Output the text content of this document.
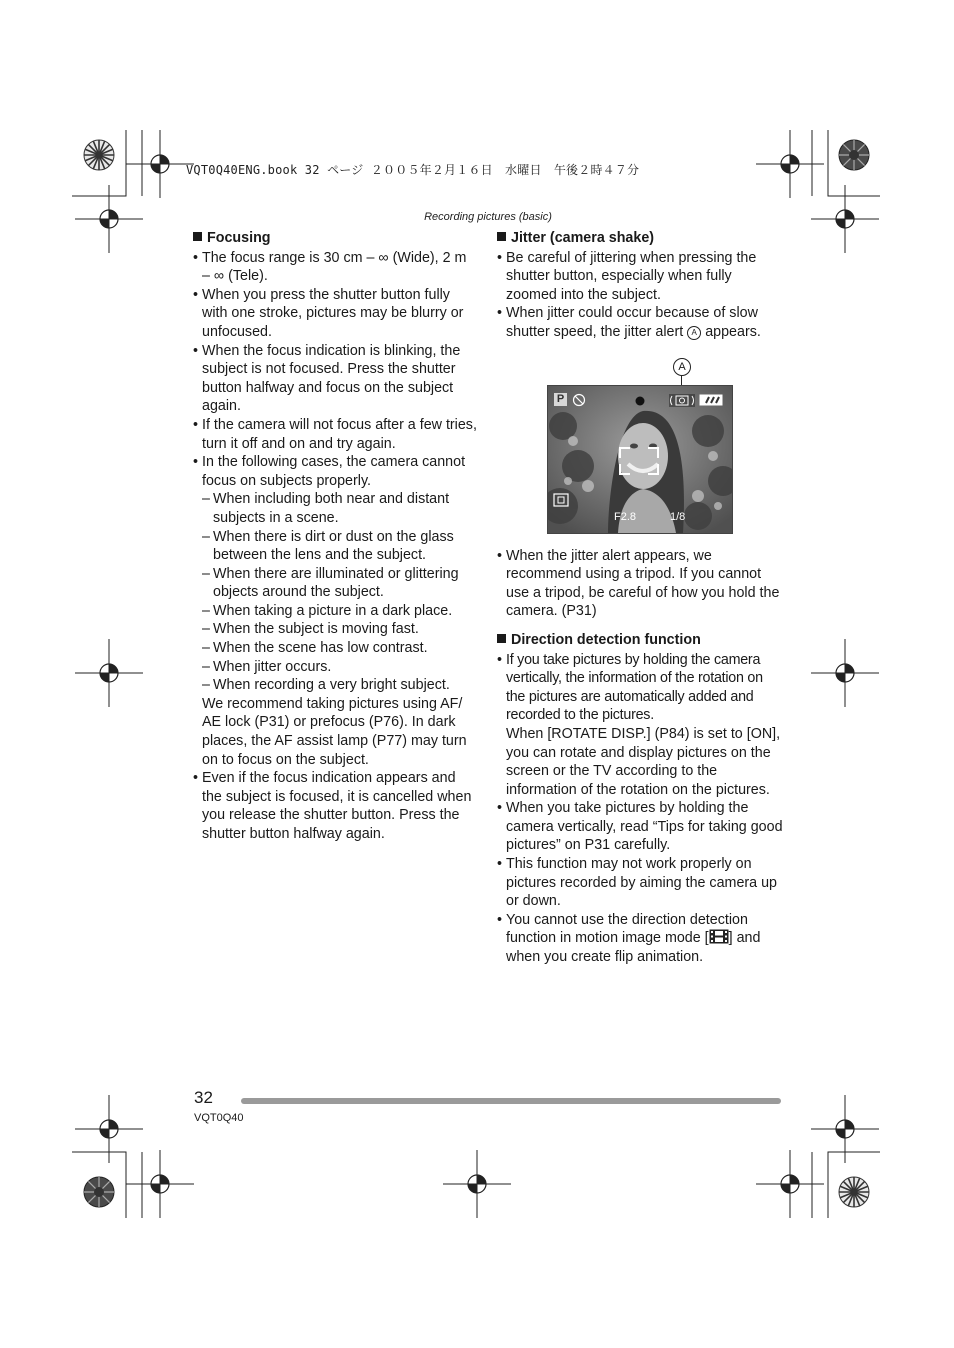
VQT0Q40ENG.book 32 ページ ２００５年２月１６日　水曜日　午後２時４７分
Recording pictures (basic)
Focusing
• The focus range is 30 cm – ∞ (Wide), 2 m – ∞ (Tele).
• When you press the shutter button fully with one stroke, pictures may be blurry or unfocused.
• When the focus indication is blinking, the subject is not focused. Press the shutter button halfway and focus on the subject again.
• If the camera will not focus after a few tries, turn it off and on and try again.
• In the following cases, the camera cannot focus on subjects properly.
– When including both near and distant subjects in a scene.
– When there is dirt or dust on the glass between the lens and the subject.
– When there are illuminated or glittering objects around the subject.
– When taking a picture in a dark place.
– When the subject is moving fast.
– When the scene has low contrast.
– When jitter occurs.
– When recording a very bright subject.
We recommend taking pictures using AF/ AE lock (P31) or prefocus (P76). In dark places, the AF assist lamp (P77) may turn on to focus on the subject.
• Even if the focus indication appears and the subject is focused, it is cancelled when you release the shutter button. Press the shutter button halfway again.
Jitter (camera shake)
• Be careful of jittering when pressing the shutter button, especially when fully zoomed into the subject.
• When jitter could occur because of slow shutter speed, the jitter alert A appears.
• When the jitter alert appears, we recommend using a tripod. If you cannot use a tripod, be careful of how you hold the camera. (P31)
Direction detection function
• If you take pictures by holding the camera vertically, the information of the rotation on the pictures are automatically added and recorded to the pictures.
When [ROTATE DISP.] (P84) is set to [ON], you can rotate and display pictures on the screen or the TV according to the information of the rotation on the pictures.
• When you take pictures by holding the camera vertically, read “Tips for taking good pictures” on P31 carefully.
• This function may not work properly on pictures recorded by aiming the camera up or down.
• You cannot use the direction detection function in motion image mode [ ] and when you create flip animation.
A
P
F2.8	1/8
32
VQT0Q40
